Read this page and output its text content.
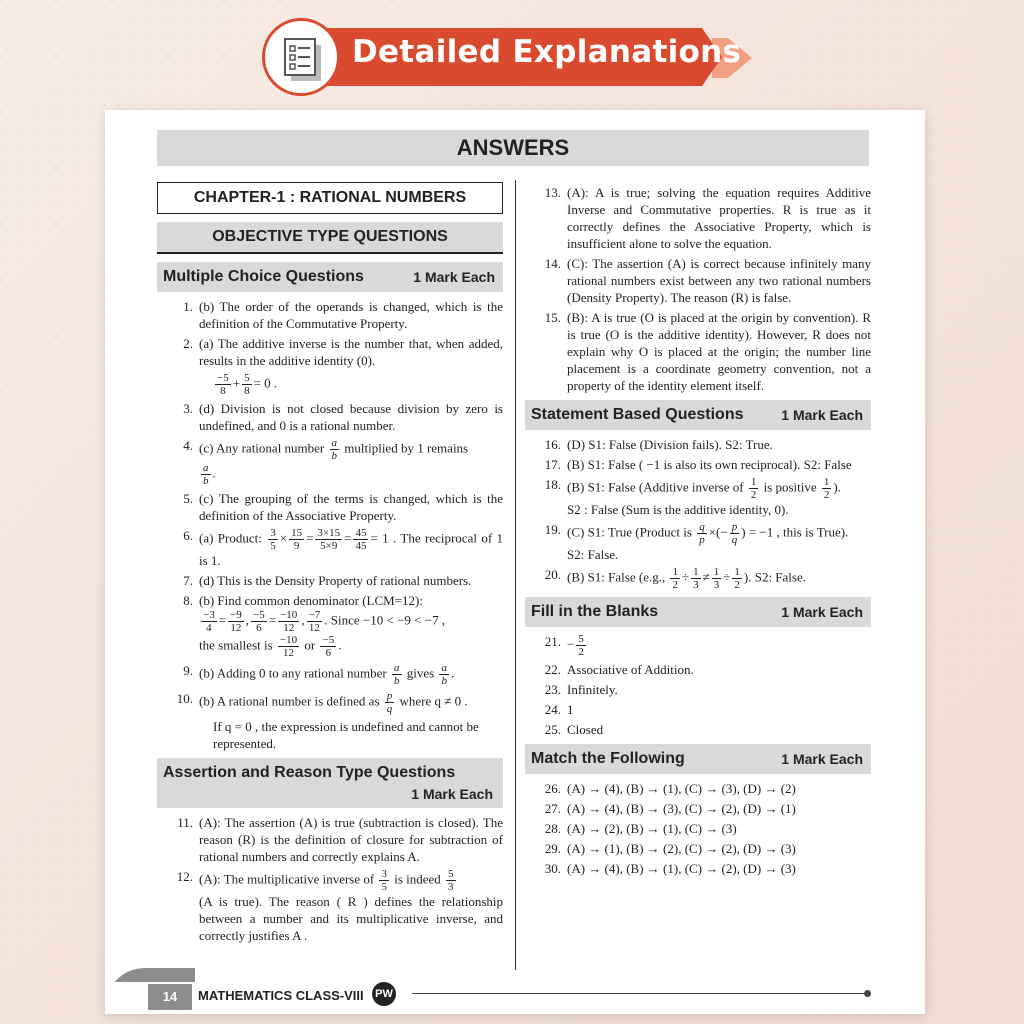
Detailed Explanations
ANSWERS
CHAPTER-1 : RATIONAL NUMBERS
OBJECTIVE TYPE QUESTIONS
Multiple Choice Questions	1 Mark Each
1. (b) The order of the operands is changed, which is the definition of the Commutative Property.
2. (a) The additive inverse is the number that, when added, results in the additive identity (0).
$\frac{-5}{8} + \frac{5}{8} = 0$ .
3. (d) Division is not closed because division by zero is undefined, and 0 is a rational number.
4. (c) Any rational number $\frac{a}{b}$ multiplied by 1 remains

$\frac{a}{b}$ .
5. (c) The grouping of the terms is changed, which is the definition of the Associative Property.
6. (a) Product: $\frac{3}{5} \times \frac{15}{9} = \frac{3\times 15}{5\times 9} = \frac{45}{45} = 1$ . The reciprocal of 1 is 1.
7. (d) This is the Density Property of rational numbers.
8. (b) Find common denominator (LCM=12):

$\frac{-3}{4} = \frac{-9}{12}$ , $\frac{-5}{6} = \frac{-10}{12}$ , $\frac{-7}{12}$ . Since −10 < −9 < −7 ,
the smallest is $\frac{-10}{12}$ or $\frac{-5}{6}$ .
9. (b) Adding 0 to any rational number $\frac{a}{b}$ gives $\frac{a}{b}$ .
10. (b) A rational number is defined as $\frac{p}{q}$ where q ≠ 0 .
If q = 0 , the expression is undefined and cannot be represented.
Assertion and Reason Type Questions
1 Mark Each
11. (A): The assertion (A) is true (subtraction is closed). The reason (R) is the definition of closure for subtraction of rational numbers and correctly explains A.
12. (A): The multiplicative inverse of $\frac{3}{5}$ is indeed $\frac{5}{3}$

(A is true). The reason ( R ) defines the relationship between a number and its multiplicative inverse, and correctly justifies A .
13. (A): A is true; solving the equation requires Additive Inverse and Commutative properties. R is true as it correctly defines the Associative Property, which is insufficient alone to solve the equation.
14. (C): The assertion (A) is correct because infinitely many rational numbers exist between any two rational numbers (Density Property). The reason (R) is false.
15. (B): A is true (O is placed at the origin by convention). R is true (O is the additive identity). However, R does not explain why O is placed at the origin; the number line placement is a coordinate geometry convention, not a property of the identity element itself.
Statement Based Questions	1 Mark Each
16. (D) S1: False (Division fails). S2: True.
17. (B) S1: False ( −1 is also its own reciprocal). S2: False
18. (B) S1: False (Additive inverse of $\frac{1}{2}$ is positive $\frac{1}{2}$ ).
S2 : False (Sum is the additive identity, 0).
19. (C) S1: True (Product is $\frac{q}{p}$ ×(− $\frac{p}{q}$ ) = −1 , this is True).
S2: False.
20. (B) S1: False (e.g., $\frac{1}{2} \div \frac{1}{3} \ne \frac{1}{3} \div \frac{1}{2}$ ). S2: False.
Fill in the Blanks	1 Mark Each
21. − $\frac{5}{2}$
22. Associative of Addition.
23. Infinitely.
24. 1
25. Closed
Match the Following	1 Mark Each
26. (A) → (4), (B) → (1), (C) → (3), (D) → (2)
27. (A) → (4), (B) → (3), (C) → (2), (D) → (1)
28. (A) → (2), (B) → (1), (C) → (3)
29. (A) → (1), (B) → (2), (C) → (2), (D) → (3)
30. (A) → (4), (B) → (1), (C) → (2), (D) → (3)
14	MATHEMATICS CLASS-VIII PW
